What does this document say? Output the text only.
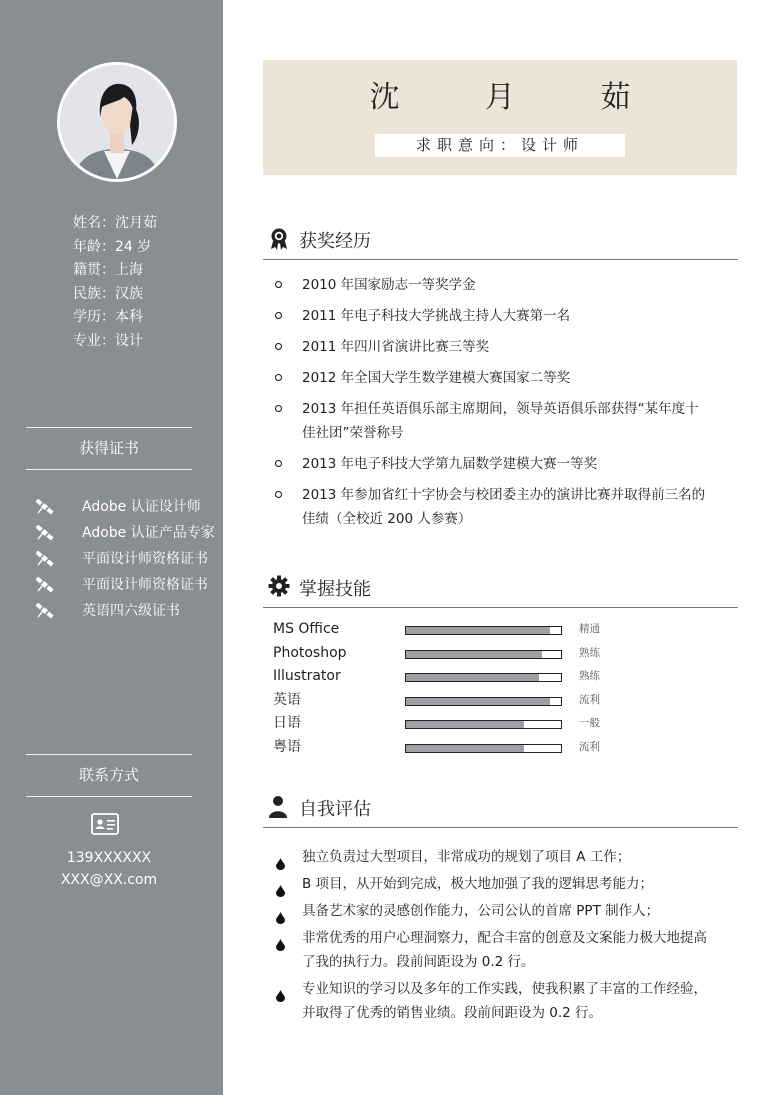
姓名：沈月茹
年龄：24 岁
籍贯：上海
民族：汉族
学历：本科
专业：设计
获得证书
Adobe 认证设计师
Adobe 认证产品专家
平面设计师资格证书
平面设计师资格证书
英语四六级证书
联系方式
139XXXXXX
XXX@XX.com
沈 月 茹
求职意向：设计师
获奖经历
2010 年国家励志一等奖学金
2011 年电子科技大学挑战主持人大赛第一名
2011 年四川省演讲比赛三等奖
2012 年全国大学生数学建模大赛国家二等奖
2013 年担任英语俱乐部主席期间，领导英语俱乐部获得“某年度十佳社团”荣誉称号
2013 年电子科技大学第九届数学建模大赛一等奖
2013 年参加省红十字协会与校团委主办的演讲比赛并取得前三名的佳绩（全校近 200 人参赛）
掌握技能
MS Office	精通
Photoshop	熟练
Illustrator	熟练
英语	流利
日语	一般
粤语	流利
自我评估
独立负责过大型项目，非常成功的规划了项目 A 工作；
B 项目，从开始到完成，极大地加强了我的逻辑思考能力；
具备艺术家的灵感创作能力，公司公认的首席 PPT 制作人；
非常优秀的用户心理洞察力，配合丰富的创意及文案能力极大地提高了我的执行力。段前间距设为 0.2 行。
专业知识的学习以及多年的工作实践，使我积累了丰富的工作经验，并取得了优秀的销售业绩。段前间距设为 0.2 行。
